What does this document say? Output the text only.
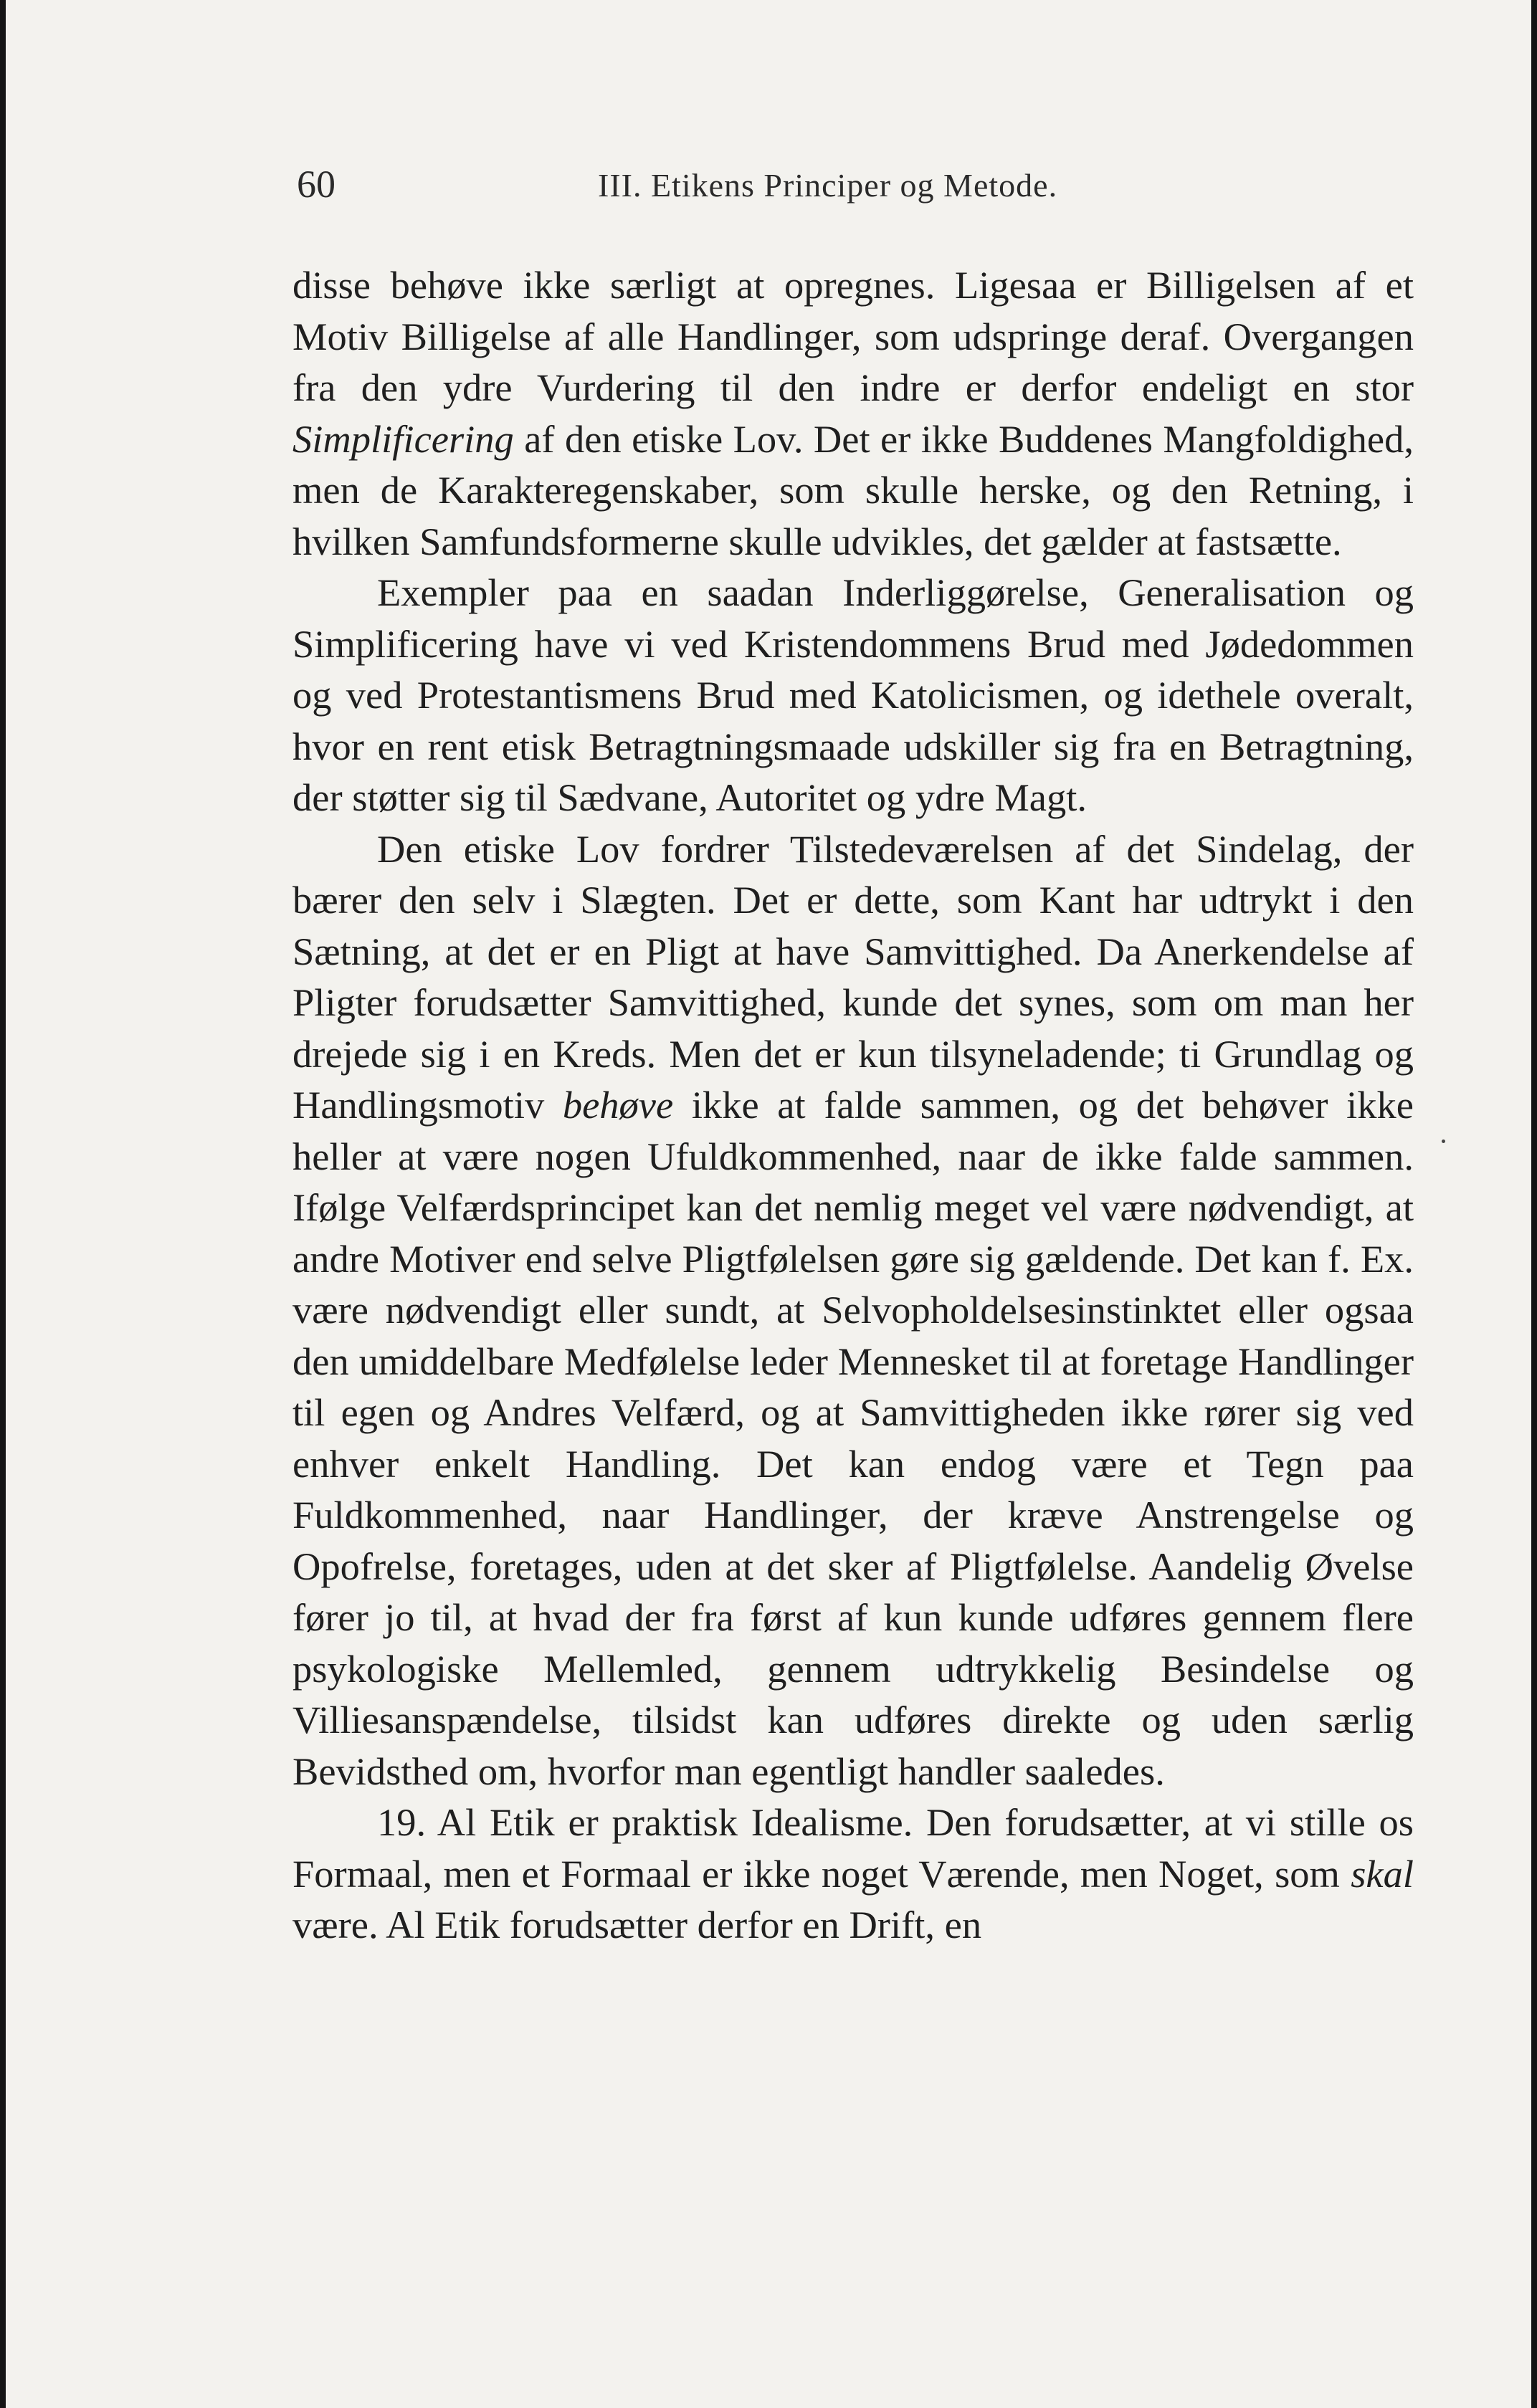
60	III. Etikens Principer og Metode.

disse behøve ikke særligt at opregnes. Ligesaa er Billigelsen af et Motiv Billigelse af alle Handlinger, som udspringe deraf. Overgangen fra den ydre Vurdering til den indre er derfor endeligt en stor Simplificering af den etiske Lov. Det er ikke Buddenes Mangfoldighed, men de Karakteregenskaber, som skulle herske, og den Retning, i hvilken Samfundsformerne skulle udvikles, det gælder at fastsætte.

Exempler paa en saadan Inderliggørelse, Generalisation og Simplificering have vi ved Kristendommens Brud med Jødedommen og ved Protestantismens Brud med Katolicismen, og idethele overalt, hvor en rent etisk Betragtningsmaade udskiller sig fra en Betragtning, der støtter sig til Sædvane, Autoritet og ydre Magt.

Den etiske Lov fordrer Tilstedeværelsen af det Sindelag, der bærer den selv i Slægten. Det er dette, som Kant har udtrykt i den Sætning, at det er en Pligt at have Samvittighed. Da Anerkendelse af Pligter forudsætter Samvittighed, kunde det synes, som om man her drejede sig i en Kreds. Men det er kun tilsyneladende; ti Grundlag og Handlingsmotiv behøve ikke at falde sammen, og det behøver ikke heller at være nogen Ufuldkommenhed, naar de ikke falde sammen. Ifølge Velfærdsprincipet kan det nemlig meget vel være nødvendigt, at andre Motiver end selve Pligtfølelsen gøre sig gældende. Det kan f. Ex. være nødvendigt eller sundt, at Selvopholdelsesinstinktet eller ogsaa den umiddelbare Medfølelse leder Mennesket til at foretage Handlinger til egen og Andres Velfærd, og at Samvittigheden ikke rører sig ved enhver enkelt Handling. Det kan endog være et Tegn paa Fuldkommenhed, naar Handlinger, der kræve Anstrengelse og Opofrelse, foretages, uden at det sker af Pligtfølelse. Aandelig Øvelse fører jo til, at hvad der fra først af kun kunde udføres gennem flere psykologiske Mellemled, gennem udtrykkelig Besindelse og Villiesanspændelse, tilsidst kan udføres direkte og uden særlig Bevidsthed om, hvorfor man egentligt handler saaledes.

19. Al Etik er praktisk Idealisme. Den forudsætter, at vi stille os Formaal, men et Formaal er ikke noget Værende, men Noget, som skal være. Al Etik forudsætter derfor en Drift, en
